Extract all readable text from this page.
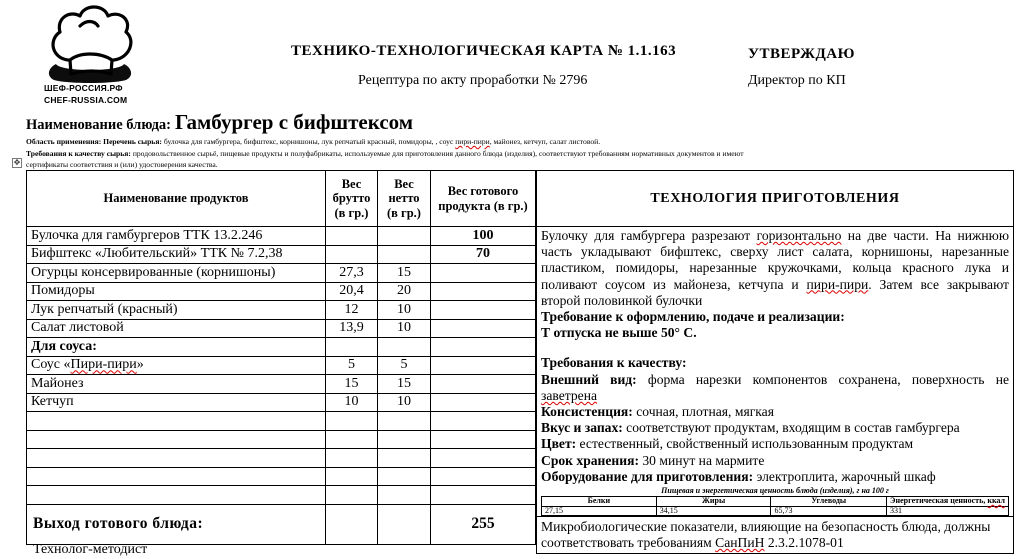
ШЕФ-РОССИЯ.РФ
CHEF-RUSSIA.COM
ТЕХНИКО-ТЕХНОЛОГИЧЕСКАЯ КАРТА № 1.1.163
Рецептура по акту проработки № 2796
УТВЕРЖДАЮ
Директор по КП
Наименование блюда: Гамбургер с бифштексом
Область применения: Перечень сырья: булочка для гамбургера, бифштекс, корнишоны, лук репчатый красный, помидоры, , соус пири-пири, майонез, кетчуп, салат листовой.
Требования к качеству сырья: продовольственное сырьё, пищевые продукты и полуфабрикаты, используемые для приготовления данного блюда (изделия), соответствуют требованиям нормативных документов и имеют
сертификаты соответствия и (или) удостоверения качества.
✥
Наименование продуктов	Вес брутто (в гр.)	Вес нетто (в гр.)	Вес готового продукта (в гр.)
Булочка для гамбургеров ТТК 13.2.246			100
Бифштекс «Любительский» ТТК № 7.2,38			70
Огурцы консервированные (корнишоны)	27,3	15	
Помидоры	20,4	20	
Лук репчатый (красный)	12	10	
Салат листовой	13,9	10	
Для соуса:			
Соус «Пири-пири»	5	5	
Майонез	15	15	
Кетчуп	10	10	

Выход готового блюда:			255
ТЕХНОЛОГИЯ ПРИГОТОВЛЕНИЯ

Булочку для гамбургера разрезают горизонтально на две части. На нижнюю часть укладывают бифштекс, сверху лист салата, корнишоны, нарезанные пластиком, помидоры, нарезанные кружочками, кольца красного лука и поливают соусом из майонеза, кетчупа и пири-пири. Затем все закрывают второй половинкой булочки

Требование к оформлению, подаче и реализации:

Т отпуска не выше 50° С.

Требования к качеству:

Внешний вид: форма нарезки компонентов сохранена, поверхность не заветрена

Консистенция: сочная, плотная, мягкая

Вкус и запах: соответствуют продуктам, входящим в состав гамбургера

Цвет: естественный, свойственный использованным продуктам

Срок хранения: 30 минут на мармите

Оборудование для приготовления: электроплита, жарочный шкаф

Пищевая и энергетическая ценность блюда (изделия), г на 100 г
Белки	Жиры	Углеводы	Энергетическая ценность, ккал
27,15	34,15	65,73	331

Микробиологические показатели, влияющие на безопасность блюда, должны соответствовать требованиям СанПиН 2.3.2.1078-01
Технолог-методист
